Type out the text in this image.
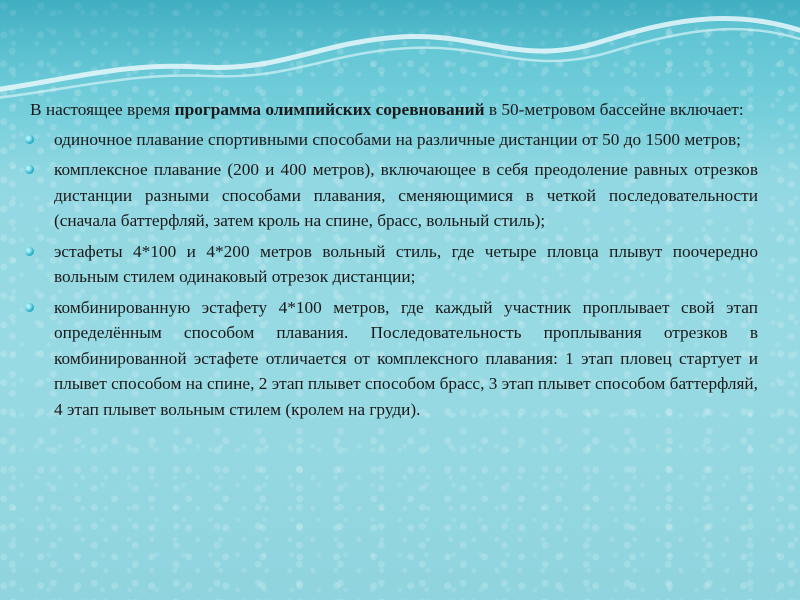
В настоящее время программа олимпийских соревнований в 50-метровом бассейне включает:

одиночное плавание спортивными способами на различные дистанции от 50 до 1500 метров;
комплексное плавание (200 и 400 метров), включающее в себя преодоление равных отрезков дистанции разными способами плавания, сменяющимися в четкой последовательности (сначала баттерфляй, затем кроль на спине, брасс, вольный стиль);
эстафеты 4*100 и 4*200 метров вольный стиль, где четыре пловца плывут поочередно вольным стилем одинаковый отрезок дистанции;
комбинированную эстафету 4*100 метров, где каждый участник проплывает свой этап определённым способом плавания. Последовательность проплывания отрезков в комбинированной эстафете отличается от комплексного плавания: 1 этап пловец стартует и плывет способом на спине, 2 этап плывет способом брасс, 3 этап плывет способом баттерфляй, 4 этап плывет вольным стилем (кролем на груди).
